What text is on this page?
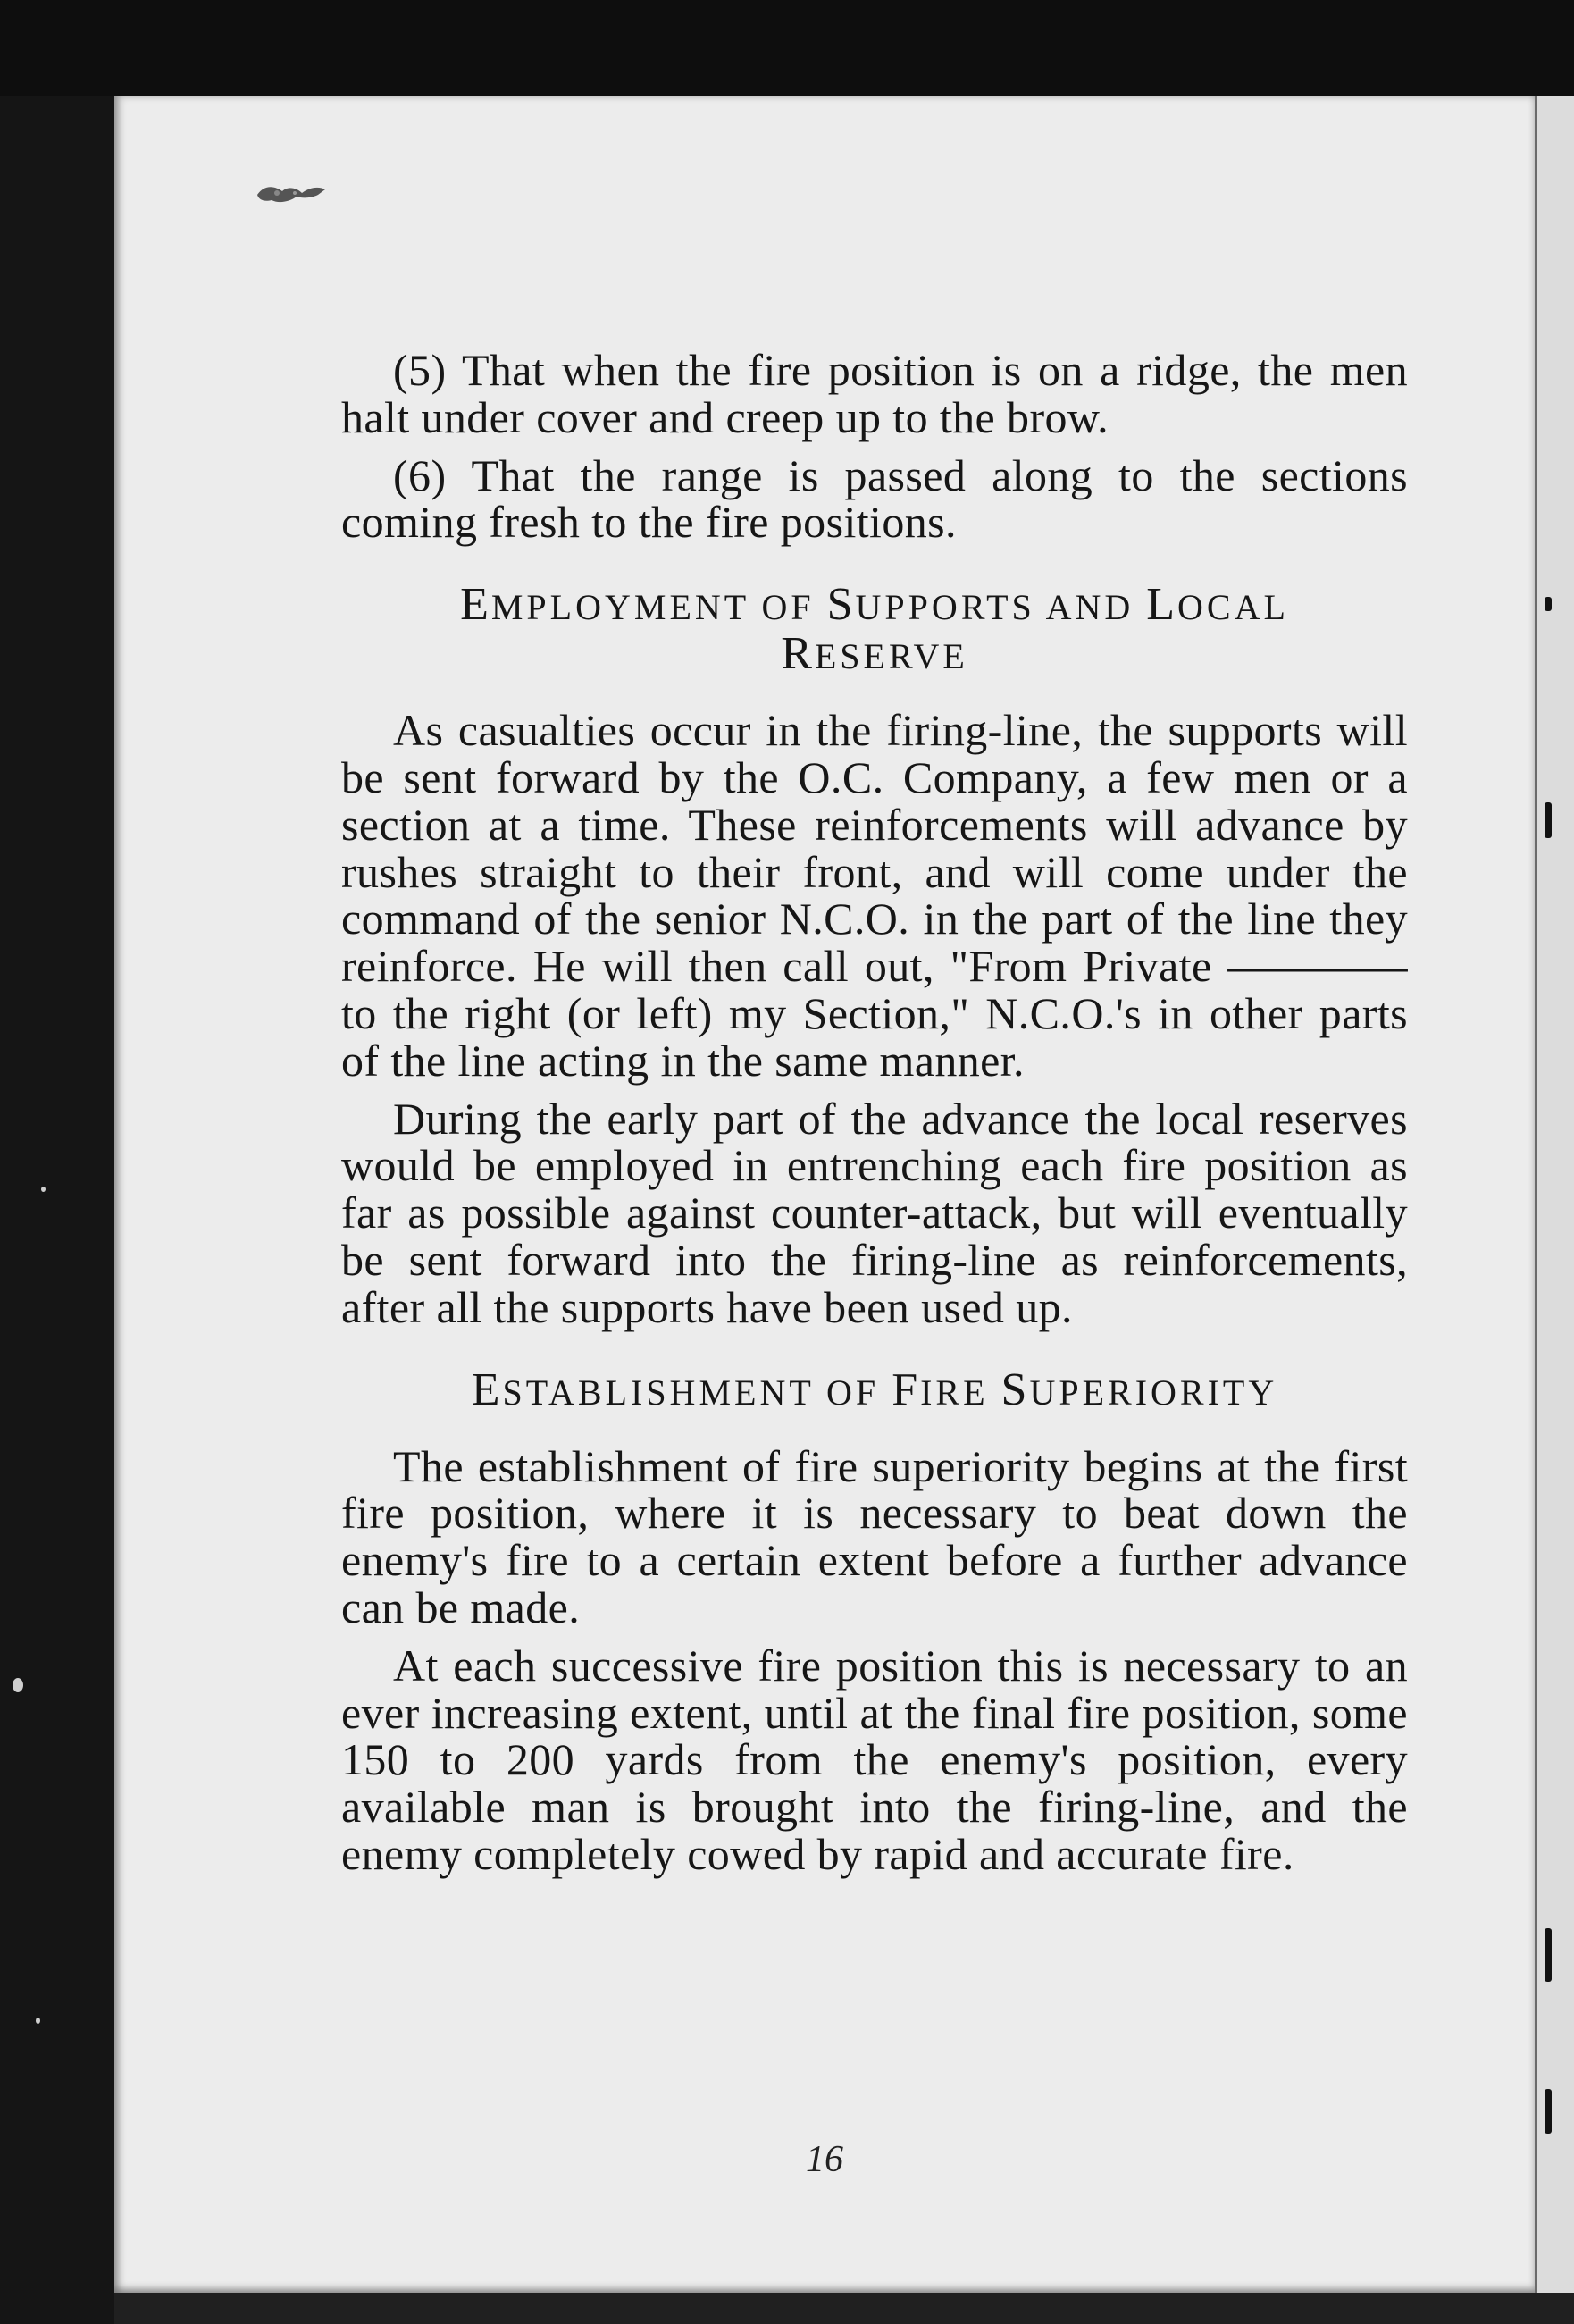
(5) That when the fire position is on a ridge, the men halt under cover and creep up to the brow.

(6) That the range is passed along to the sections coming fresh to the fire positions.

EMPLOYMENT OF SUPPORTS AND LOCAL
RESERVE

As casualties occur in the firing-line, the supports will be sent forward by the O.C. Company, a few men or a section at a time. These reinforcements will advance by rushes straight to their front, and will come under the command of the senior N.C.O. in the part of the line they reinforce. He will then call out, "From Private ———— to the right (or left) my Section," N.C.O.'s in other parts of the line acting in the same manner.

During the early part of the advance the local reserves would be employed in entrenching each fire position as far as possible against counter-attack, but will eventually be sent forward into the firing-line as reinforcements, after all the supports have been used up.

ESTABLISHMENT OF FIRE SUPERIORITY

The establishment of fire superiority begins at the first fire position, where it is necessary to beat down the enemy's fire to a certain extent before a further advance can be made.

At each successive fire position this is necessary to an ever increasing extent, until at the final fire position, some 150 to 200 yards from the enemy's position, every available man is brought into the firing-line, and the enemy completely cowed by rapid and accurate fire.

16
